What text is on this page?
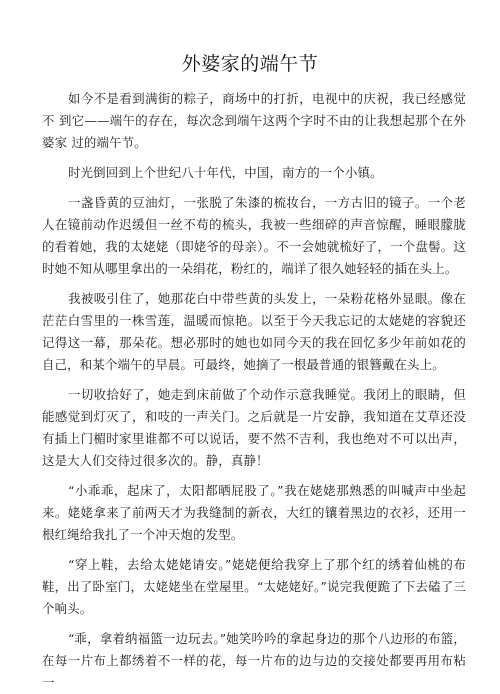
外婆家的端午节

如今不是看到满街的粽子，商场中的打折，电视中的庆祝，我已经感觉不 到它——端午的存在，每次念到端午这两个字时不由的让我想起那个在外婆家 过的端午节。

时光倒回到上个世纪八十年代，中国，南方的一个小镇。

一盏昏黄的豆油灯，一张脱了朱漆的梳妆台，一方古旧的镜子。一个老人在镜前动作迟缓但一丝不苟的梳头，我被一些细碎的声音惊醒，睡眼朦胧的看着她，我的太姥姥（即姥爷的母亲）。不一会她就梳好了，一个盘髻。这时她不知从哪里拿出的一朵绢花，粉红的，端详了很久她轻轻的插在头上。

我被吸引住了，她那花白中带些黄的头发上，一朵粉花格外显眼。像在茫茫白雪里的一株雪莲，温暖而惊艳。以至于今天我忘记的太姥姥的容貌还记得这一幕，那朵花。想必那时的她也如同今天的我在回忆多少年前如花的自己，和某个端午的早晨。可最终，她摘了一根最普通的银簪戴在头上。

一切收拾好了，她走到床前做了个动作示意我睡觉。我闭上的眼睛，但能感觉到灯灭了，和吱的一声关门。之后就是一片安静，我知道在艾草还没有插上门楣时家里谁都不可以说话，要不然不吉利，我也绝对不可以出声，这是大人们交待过很多次的。静，真静！

“小乖乖，起床了，太阳都晒屁股了。”我在姥姥那熟悉的叫喊声中坐起来。姥姥拿来了前两天才为我缝制的新衣，大红的镶着黑边的衣衫，还用一根红绳给我扎了一个冲天炮的发型。

“穿上鞋，去给太姥姥请安。”姥姥便给我穿上了那个红的绣着仙桃的布鞋，出了卧室门，太姥姥坐在堂屋里。“太姥姥好。”说完我便跪了下去磕了三个响头。

“乖，拿着纳福篮一边玩去。”她笑吟吟的拿起身边的那个八边形的布篮，在每一片布上都绣着不一样的花，每一片布的边与边的交接处都要再用布粘一
